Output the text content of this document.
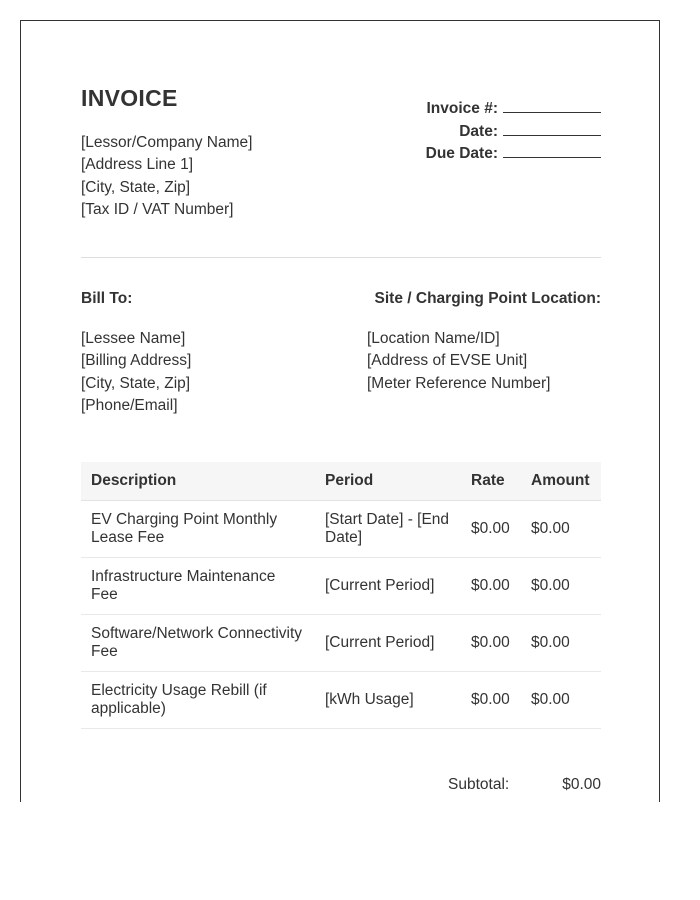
INVOICE
[Lessor/Company Name]
[Address Line 1]
[City, State, Zip]
[Tax ID / VAT Number]
Invoice #:
Date:
Due Date:
Bill To:	Site / Charging Point Location:
[Lessee Name]
[Billing Address]
[City, State, Zip]
[Phone/Email]
[Location Name/ID]
[Address of EVSE Unit]
[Meter Reference Number]
Description	Period	Rate	Amount
EV Charging Point Monthly Lease Fee	[Start Date] - [End Date]	$0.00	$0.00
Infrastructure Maintenance Fee	[Current Period]	$0.00	$0.00
Software/Network Connectivity Fee	[Current Period]	$0.00	$0.00
Electricity Usage Rebill (if applicable)	[kWh Usage]	$0.00	$0.00
Subtotal:	$0.00
